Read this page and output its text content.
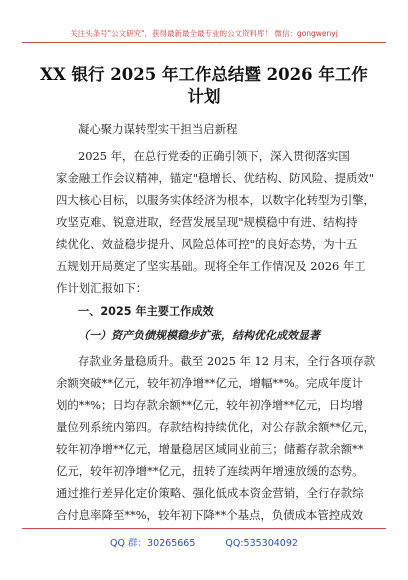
关注头条号"公文研究"，获得最新最全最专业的公文资料库！ 微信：gongwenyj
XX 银行 2025 年工作总结暨 2026 年工作
计划
凝心聚力谋转型实干担当启新程
2025 年，在总行党委的正确引领下，深入贯彻落实国
家金融工作会议精神，锚定"稳增长、优结构、防风险、提质效"
四大核心目标，以服务实体经济为根本，以数字化转型为引擎，
攻坚克难、锐意进取，经营发展呈现"规模稳中有进、结构持
续优化、效益稳步提升、风险总体可控"的良好态势，为十五
五规划开局奠定了坚实基础。现将全年工作情况及 2026 年工
作计划汇报如下：
一、2025 年主要工作成效
（一）资产负债规模稳步扩张，结构优化成效显著
存款业务量稳质升。截至 2025 年 12 月末，全行各项存款
余额突破**亿元，较年初净增**亿元，增幅**%。完成年度计
划的**%；日均存款余额**亿元，较年初净增**亿元，日均增
量位列系统内第四。存款结构持续优化，对公存款余额**亿元，
较年初净增**亿元，增量稳居区域同业前三；储蓄存款余额**
亿元，较年初净增**亿元，扭转了连续两年增速放缓的态势。
通过推行差异化定价策略、强化低成本资金营销，全行存款综
合付息率降至**%，较年初下降**个基点，负债成本管控成效
QQ 群：30265665	QQ:535304092
